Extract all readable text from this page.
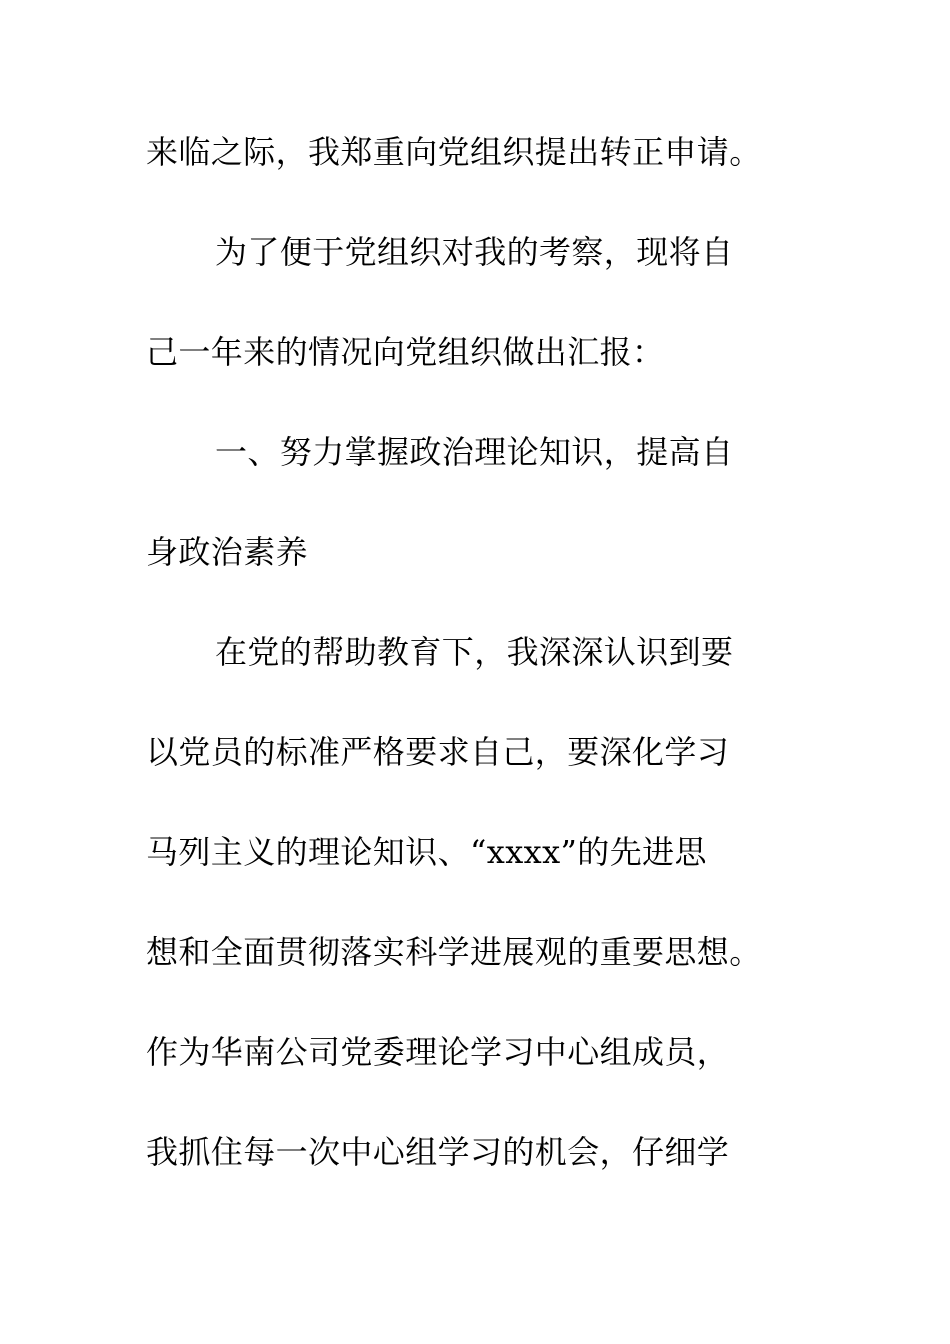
来临之际，我郑重向党组织提出转正申请。

为了便于党组织对我的考察，现将自

己一年来的情况向党组织做出汇报：

一、努力掌握政治理论知识，提高自

身政治素养

在党的帮助教育下，我深深认识到要

以党员的标准严格要求自己，要深化学习

马列主义的理论知识、“xxxx”的先进思

想和全面贯彻落实科学进展观的重要思想。

作为华南公司党委理论学习中心组成员，

我抓住每一次中心组学习的机会，仔细学
